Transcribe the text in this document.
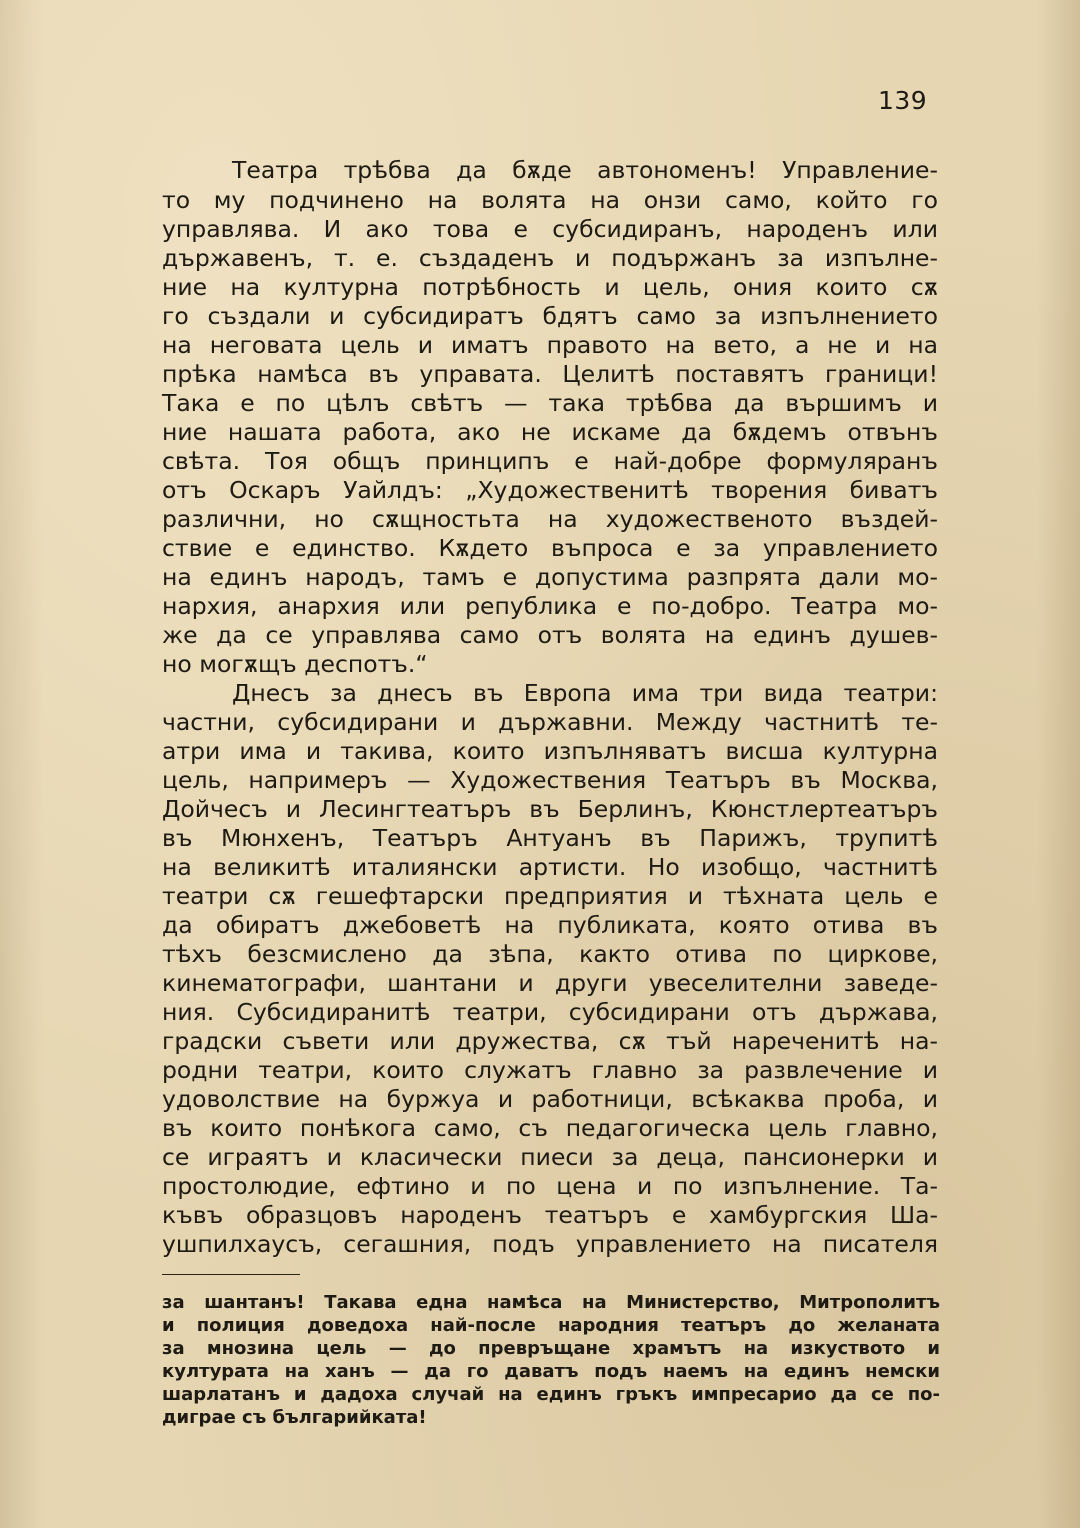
139
Театра трѣбва да бѫде автономенъ! Управление-
то му подчинено на волята на онзи само, който го
управлява. И ако това е субсидиранъ, народенъ или
държавенъ, т. е. създаденъ и подържанъ за изпълне-
ние на културна потрѣбность и цель, ония които сѫ
го създали и субсидиратъ бдятъ само за изпълнението
на неговата цель и иматъ правото на вето, а не и на
прѣка намѣса въ управата. Целитѣ поставятъ граници!
Така е по цѣлъ свѣтъ — така трѣбва да вършимъ и
ние нашата работа, ако не искаме да бѫдемъ отвънъ
свѣта. Тоя общъ принципъ е най-добре формуляранъ
отъ Оскаръ Уайлдъ: „Художественитѣ творения биватъ
различни, но сѫщностьта на художественото въздей-
ствие е единство. Кѫдето въпроса е за управлението
на единъ народъ, тамъ е допустима разпрята дали мо-
нархия, анархия или република е по-добро. Театра мо-
же да се управлява само отъ волята на единъ душев-
но могѫщъ деспотъ.“
Днесъ за днесъ въ Европа има три вида театри:
частни, субсидирани и държавни. Между частнитѣ те-
атри има и такива, които изпълняватъ висша културна
цель, напримеръ — Художествения Театъръ въ Москва,
Дойчесъ и Лесингтеатъръ въ Берлинъ, Кюнстлертеатъръ
въ Мюнхенъ, Театъръ Антуанъ въ Парижъ, трупитѣ
на великитѣ италиянски артисти. Но изобщо, частнитѣ
театри сѫ гешефтарски предприятия и тѣхната цель е
да обиратъ джебоветѣ на публиката, която отива въ
тѣхъ безсмислено да зѣпа, както отива по циркове,
кинематографи, шантани и други увеселителни заведе-
ния. Субсидиранитѣ театри, субсидирани отъ държава,
градски съвети или дружества, сѫ тъй нареченитѣ на-
родни театри, които служатъ главно за развлечение и
удоволствие на буржуа и работници, всѣкаква проба, и
въ които понѣкога само, съ педагогическа цель главно,
се играятъ и класически пиеси за деца, пансионерки и
простолюдие, ефтино и по цена и по изпълнение. Та-
къвъ образцовъ народенъ театъръ е хамбургския Ша-
ушпилхаусъ, сегашния, подъ управлението на писателя
за шантанъ! Такава една намѣса на Министерство, Митрополитъ
и полиция доведоха най-после народния театъръ до желаната
за мнозина цель — до превръщане храмътъ на изкуството и
културата на ханъ — да го даватъ подъ наемъ на единъ немски
шарлатанъ и дадоха случай на единъ гръкъ импресарио да се по-
диграе съ българийката!
